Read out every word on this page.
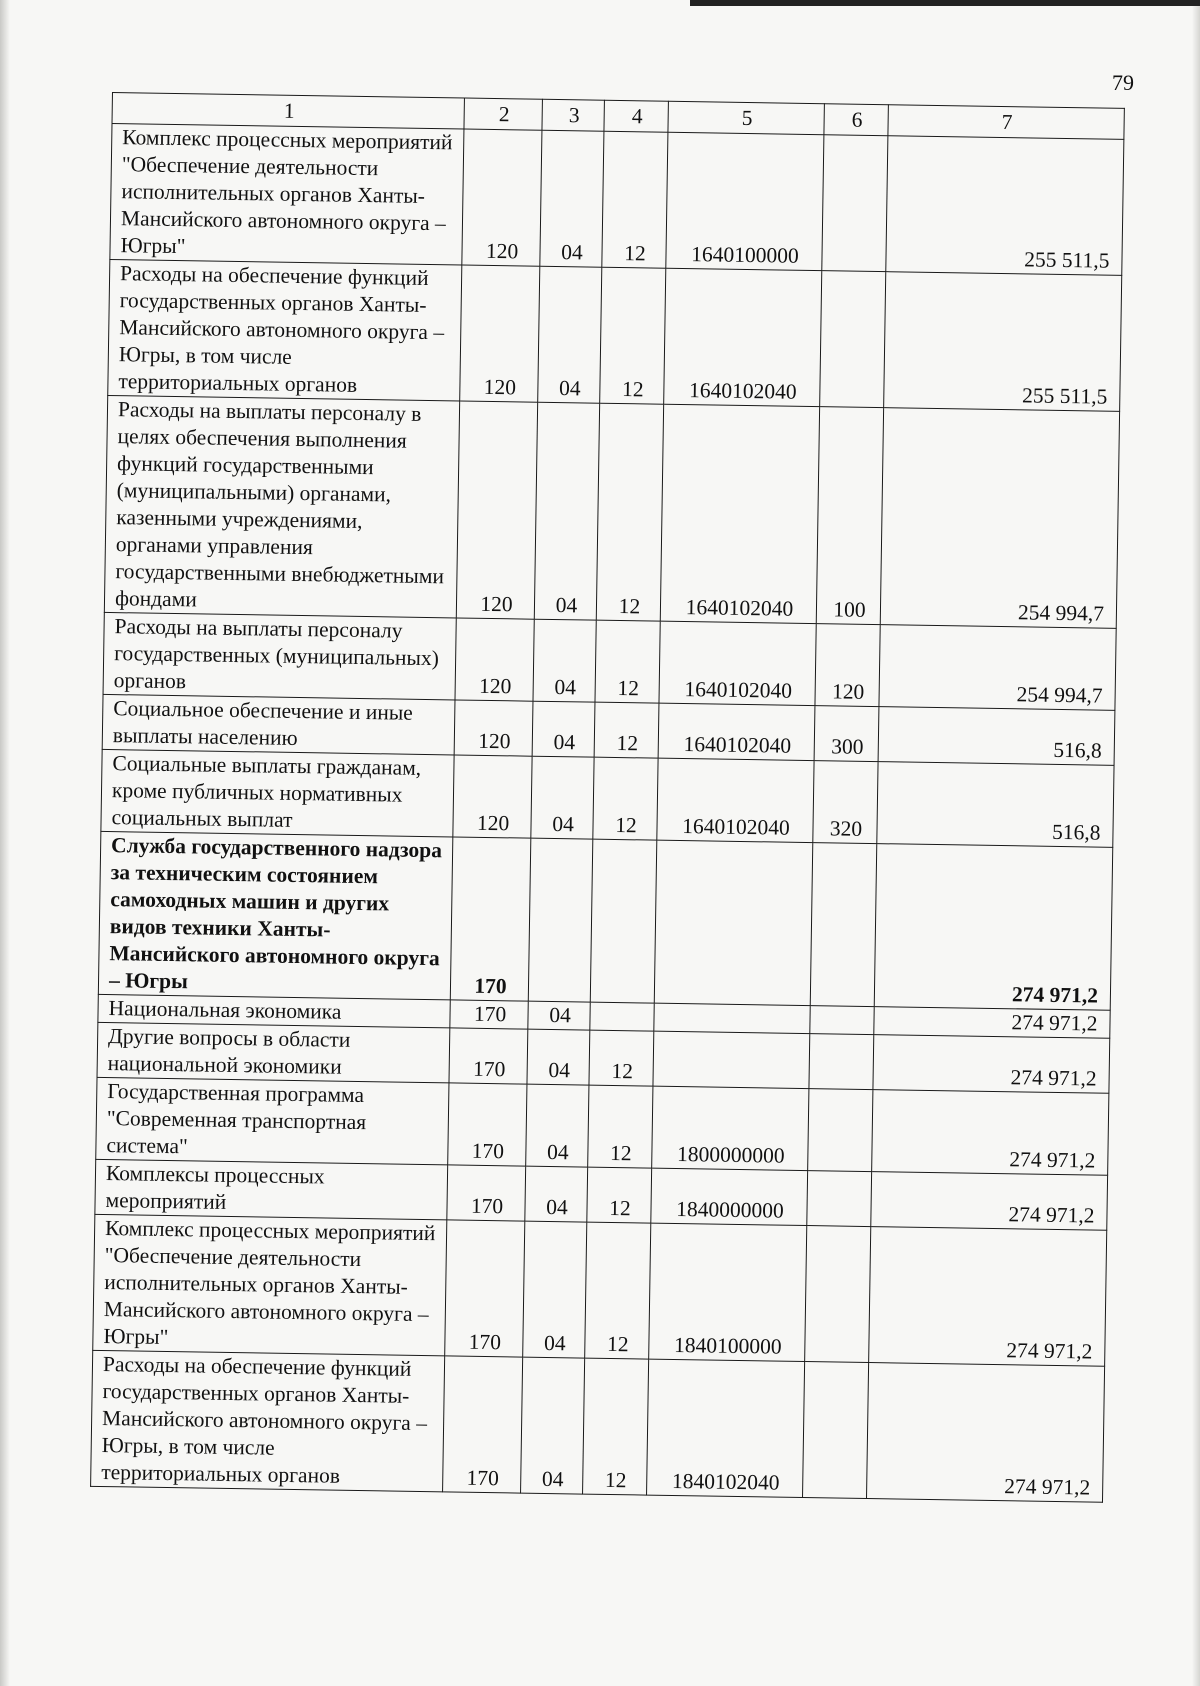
79
1	2	3	4	5	6	7
Комплекс процессных мероприятий "Обеспечение деятельности исполнительных органов Ханты-Мансийского автономного округа – Югры"	120	04	12	1640100000		255 511,5
Расходы на обеспечение функций государственных органов Ханты-Мансийского автономного округа – Югры, в том числе территориальных органов	120	04	12	1640102040		255 511,5
Расходы на выплаты персоналу в целях обеспечения выполнения функций государственными (муниципальными) органами, казенными учреждениями, органами управления государственными внебюджетными фондами	120	04	12	1640102040	100	254 994,7
Расходы на выплаты персоналу государственных (муниципальных) органов	120	04	12	1640102040	120	254 994,7
Социальное обеспечение и иные выплаты населению	120	04	12	1640102040	300	516,8
Социальные выплаты гражданам, кроме публичных нормативных социальных выплат	120	04	12	1640102040	320	516,8
Служба государственного надзора за техническим состоянием самоходных машин и других видов техники Ханты-Мансийского автономного округа – Югры	170					274 971,2
Национальная экономика	170	04				274 971,2
Другие вопросы в области национальной экономики	170	04	12			274 971,2
Государственная программа "Современная транспортная система"	170	04	12	1800000000		274 971,2
Комплексы процессных мероприятий	170	04	12	1840000000		274 971,2
Комплекс процессных мероприятий "Обеспечение деятельности исполнительных органов Ханты-Мансийского автономного округа – Югры"	170	04	12	1840100000		274 971,2
Расходы на обеспечение функций государственных органов Ханты-Мансийского автономного округа – Югры, в том числе территориальных органов	170	04	12	1840102040		274 971,2
